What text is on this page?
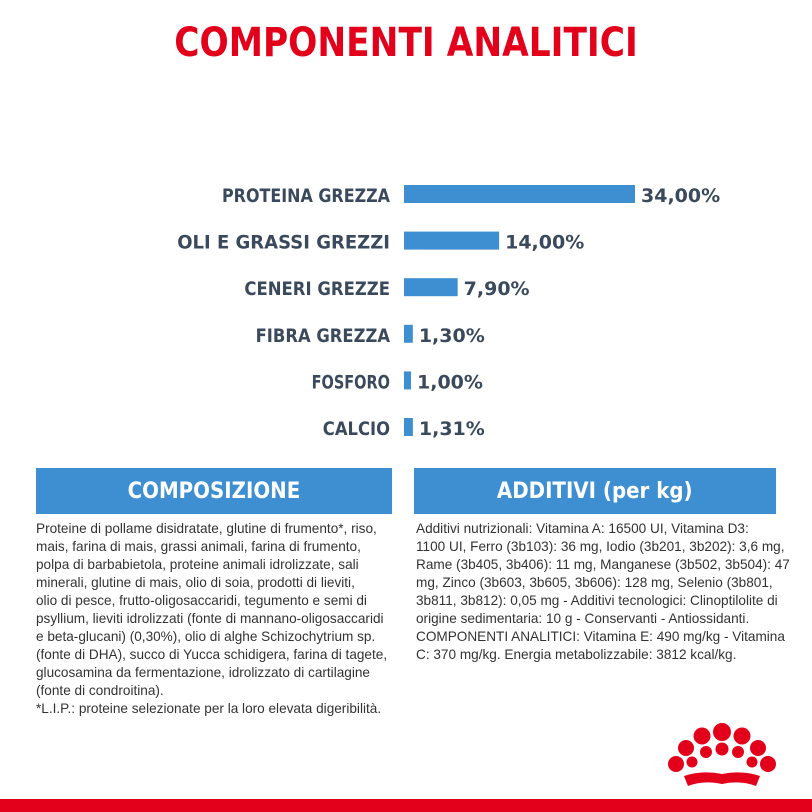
COMPONENTI ANALITICI
PROTEINA GREZZA	34,00%
OLI E GRASSI GREZZI	14,00%
CENERI GREZZE	7,90%
FIBRA GREZZA 1,30%
FOSFORO 1,00%
CALCIO 1,31%
COMPOSIZIONE	ADDITIVI (per kg)
Proteine di pollame disidratate, glutine di frumento*, riso,
mais, farina di mais, grassi animali, farina di frumento,
polpa di barbabietola, proteine animali idrolizzate, sali
minerali, glutine di mais, olio di soia, prodotti di lieviti,
olio di pesce, frutto-oligosaccaridi, tegumento e semi di
psyllium, lieviti idrolizzati (fonte di mannano-oligosaccaridi
e beta-glucani) (0,30%), olio di alghe Schizochytrium sp.
(fonte di DHA), succo di Yucca schidigera, farina di tagete,
glucosamina da fermentazione, idrolizzato di cartilagine
(fonte di condroitina).
*L.I.P.: proteine selezionate per la loro elevata digeribilità.
Additivi nutrizionali: Vitamina A: 16500 UI, Vitamina D3:
1100 UI, Ferro (3b103): 36 mg, Iodio (3b201, 3b202): 3,6 mg,
Rame (3b405, 3b406): 11 mg, Manganese (3b502, 3b504): 47
mg, Zinco (3b603, 3b605, 3b606): 128 mg, Selenio (3b801,
3b811, 3b812): 0,05 mg - Additivi tecnologici: Clinoptilolite di
origine sedimentaria: 10 g - Conservanti - Antiossidanti.
COMPONENTI ANALITICI: Vitamina E: 490 mg/kg - Vitamina
C: 370 mg/kg. Energia metabolizzabile: 3812 kcal/kg.
